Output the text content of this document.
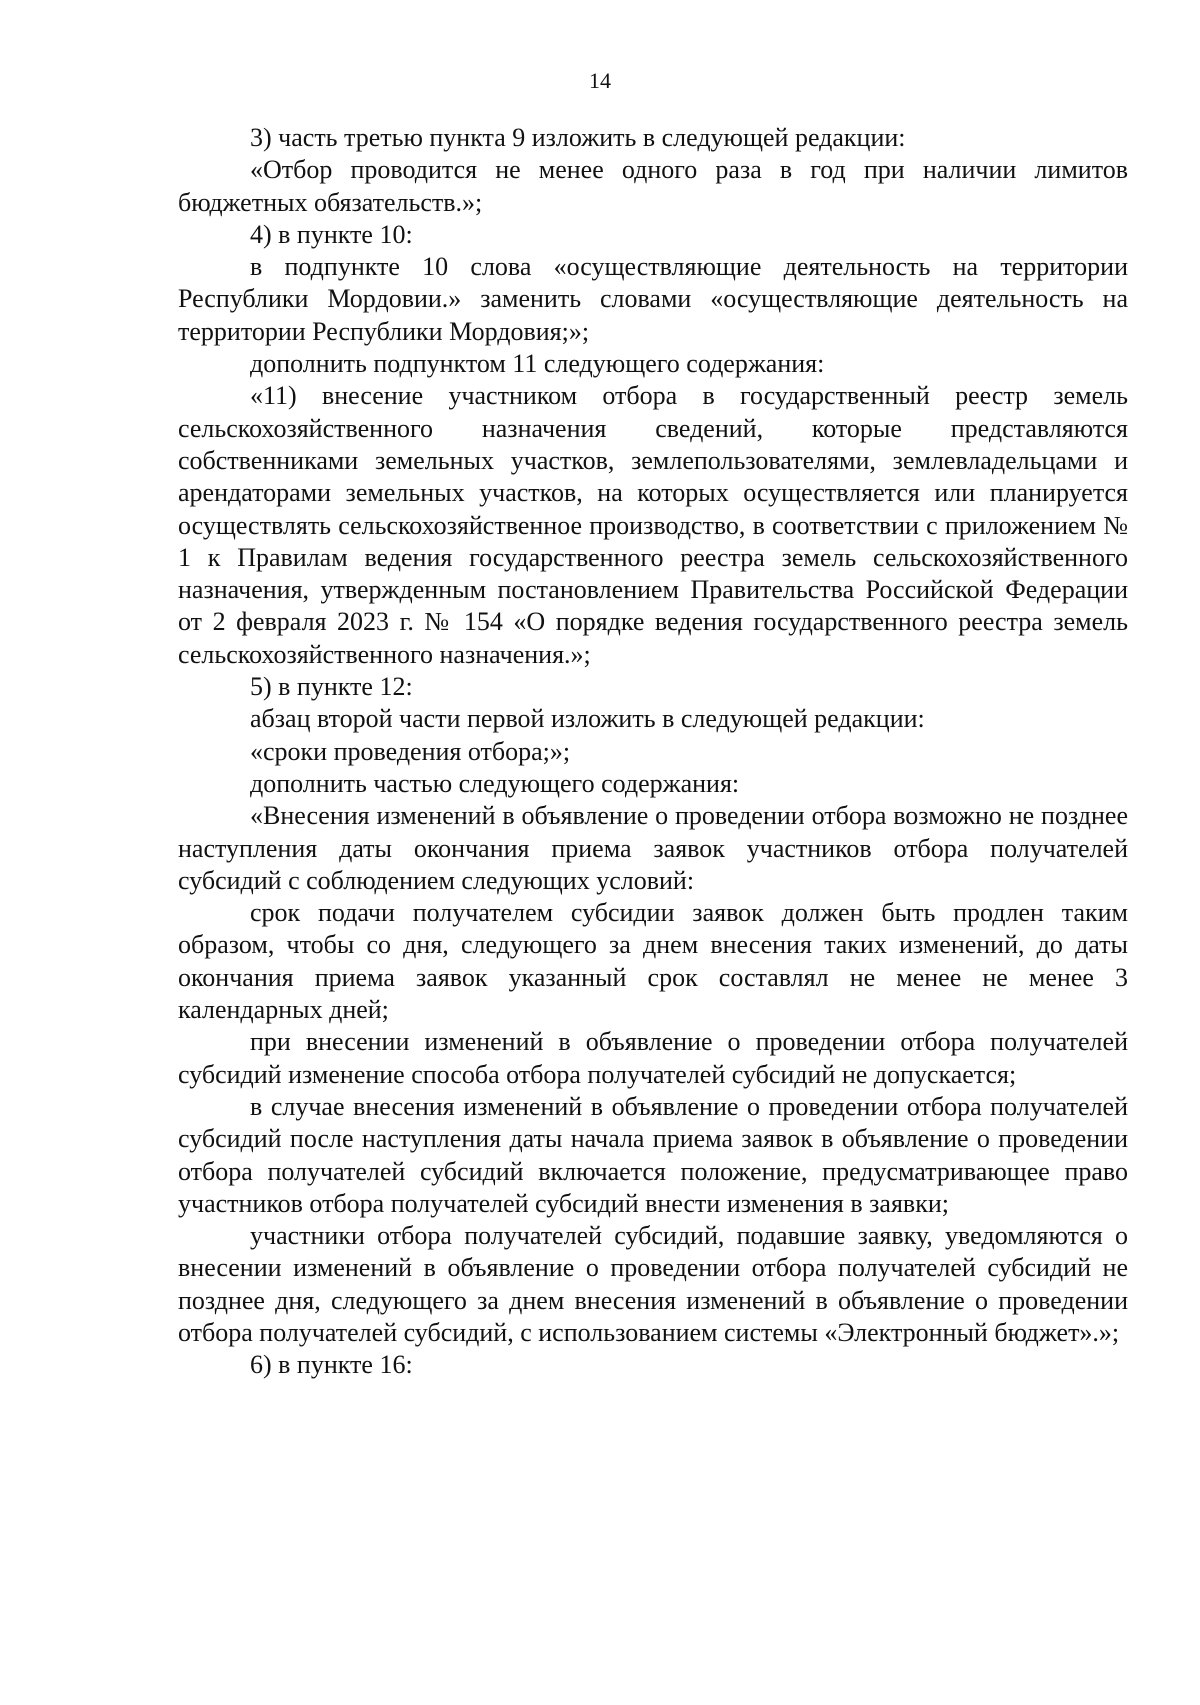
14

3) часть третью пункта 9 изложить в следующей редакции:

«Отбор проводится не менее одного раза в год при наличии лимитов бюджетных обязательств.»;

4) в пункте 10:

в подпункте 10 слова «осуществляющие деятельность на территории Республики Мордовии.» заменить словами «осуществляющие деятельность на территории Республики Мордовия;»;

дополнить подпунктом 11 следующего содержания:

«11) внесение участником отбора в государственный реестр земель сельскохозяйственного назначения сведений, которые представляются собственниками земельных участков, землепользователями, землевладельцами и арендаторами земельных участков, на которых осуществляется или планируется осуществлять сельскохозяйственное производство, в соответствии с приложением № 1 к Правилам ведения государственного реестра земель сельскохозяйственного назначения, утвержденным постановлением Правительства Российской Федерации от 2 февраля 2023 г. № 154 «О порядке ведения государственного реестра земель сельскохозяйственного назначения.»;

5) в пункте 12:

абзац второй части первой изложить в следующей редакции:

«сроки проведения отбора;»;

дополнить частью следующего содержания:

«Внесения изменений в объявление о проведении отбора возможно не позднее наступления даты окончания приема заявок участников отбора получателей субсидий с соблюдением следующих условий:

срок подачи получателем субсидии заявок должен быть продлен таким образом, чтобы со дня, следующего за днем внесения таких изменений, до даты окончания приема заявок указанный срок составлял не менее не менее 3 календарных дней;

при внесении изменений в объявление о проведении отбора получателей субсидий изменение способа отбора получателей субсидий не допускается;

в случае внесения изменений в объявление о проведении отбора получателей субсидий после наступления даты начала приема заявок в объявление о проведении отбора получателей субсидий включается положение, предусматривающее право участников отбора получателей субсидий внести изменения в заявки;

участники отбора получателей субсидий, подавшие заявку, уведомляются о внесении изменений в объявление о проведении отбора получателей субсидий не позднее дня, следующего за днем внесения изменений в объявление о проведении отбора получателей субсидий, с использованием системы «Электронный бюджет».»;

6) в пункте 16:
